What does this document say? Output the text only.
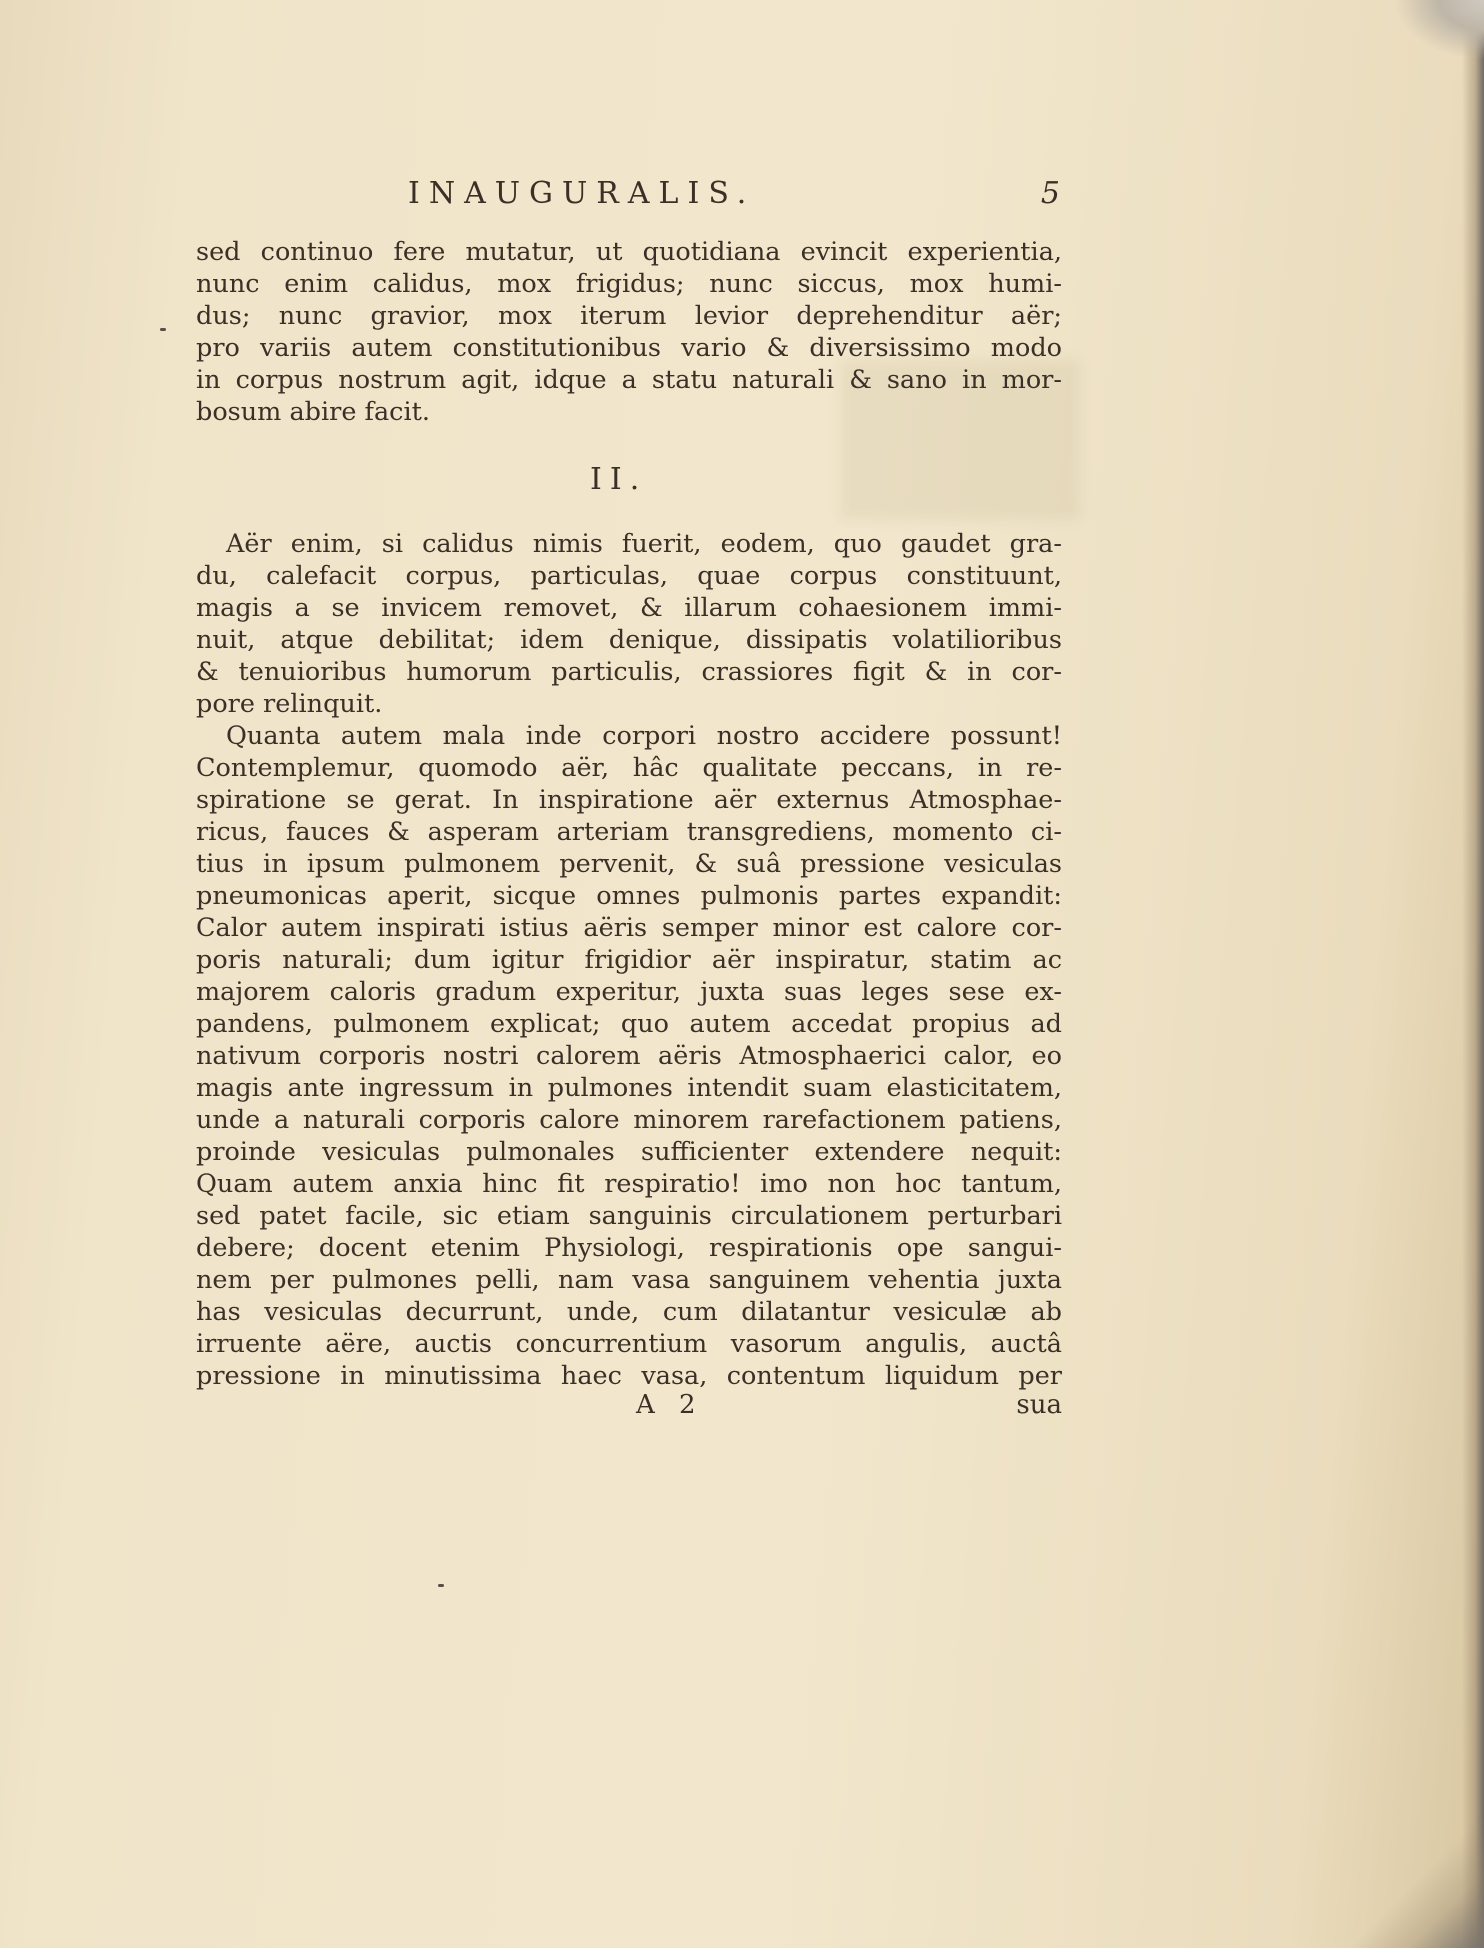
INAUGURALIS.	5
sed continuo fere mutatur, ut quotidiana evincit experientia,
nunc enim calidus, mox frigidus; nunc siccus, mox humi-
dus; nunc gravior, mox iterum levior deprehenditur aër;
pro variis autem constitutionibus vario & diversissimo modo
in corpus nostrum agit, idque a statu naturali & sano in mor-
bosum abire facit.
II.
Aër enim, si calidus nimis fuerit, eodem, quo gaudet gra-
du, calefacit corpus, particulas, quae corpus constituunt,
magis a se invicem removet, & illarum cohaesionem immi-
nuit, atque debilitat; idem denique, dissipatis volatilioribus
& tenuioribus humorum particulis, crassiores figit & in cor-
pore relinquit.
Quanta autem mala inde corpori nostro accidere possunt!
Contemplemur, quomodo aër, hâc qualitate peccans, in re-
spiratione se gerat. In inspiratione aër externus Atmosphae-
ricus, fauces & asperam arteriam transgrediens, momento ci-
tius in ipsum pulmonem pervenit, & suâ pressione vesiculas
pneumonicas aperit, sicque omnes pulmonis partes expandit:
Calor autem inspirati istius aëris semper minor est calore cor-
poris naturali; dum igitur frigidior aër inspiratur, statim ac
majorem caloris gradum experitur, juxta suas leges sese ex-
pandens, pulmonem explicat; quo autem accedat propius ad
nativum corporis nostri calorem aëris Atmosphaerici calor, eo
magis ante ingressum in pulmones intendit suam elasticitatem,
unde a naturali corporis calore minorem rarefactionem patiens,
proinde vesiculas pulmonales sufficienter extendere nequit:
Quam autem anxia hinc fit respiratio! imo non hoc tantum,
sed patet facile, sic etiam sanguinis circulationem perturbari
debere; docent etenim Physiologi, respirationis ope sangui-
nem per pulmones pelli, nam vasa sanguinem vehentia juxta
has vesiculas decurrunt, unde, cum dilatantur vesiculæ ab
irruente aëre, auctis concurrentium vasorum angulis, auctâ
pressione in minutissima haec vasa, contentum liquidum per
A 2	sua
